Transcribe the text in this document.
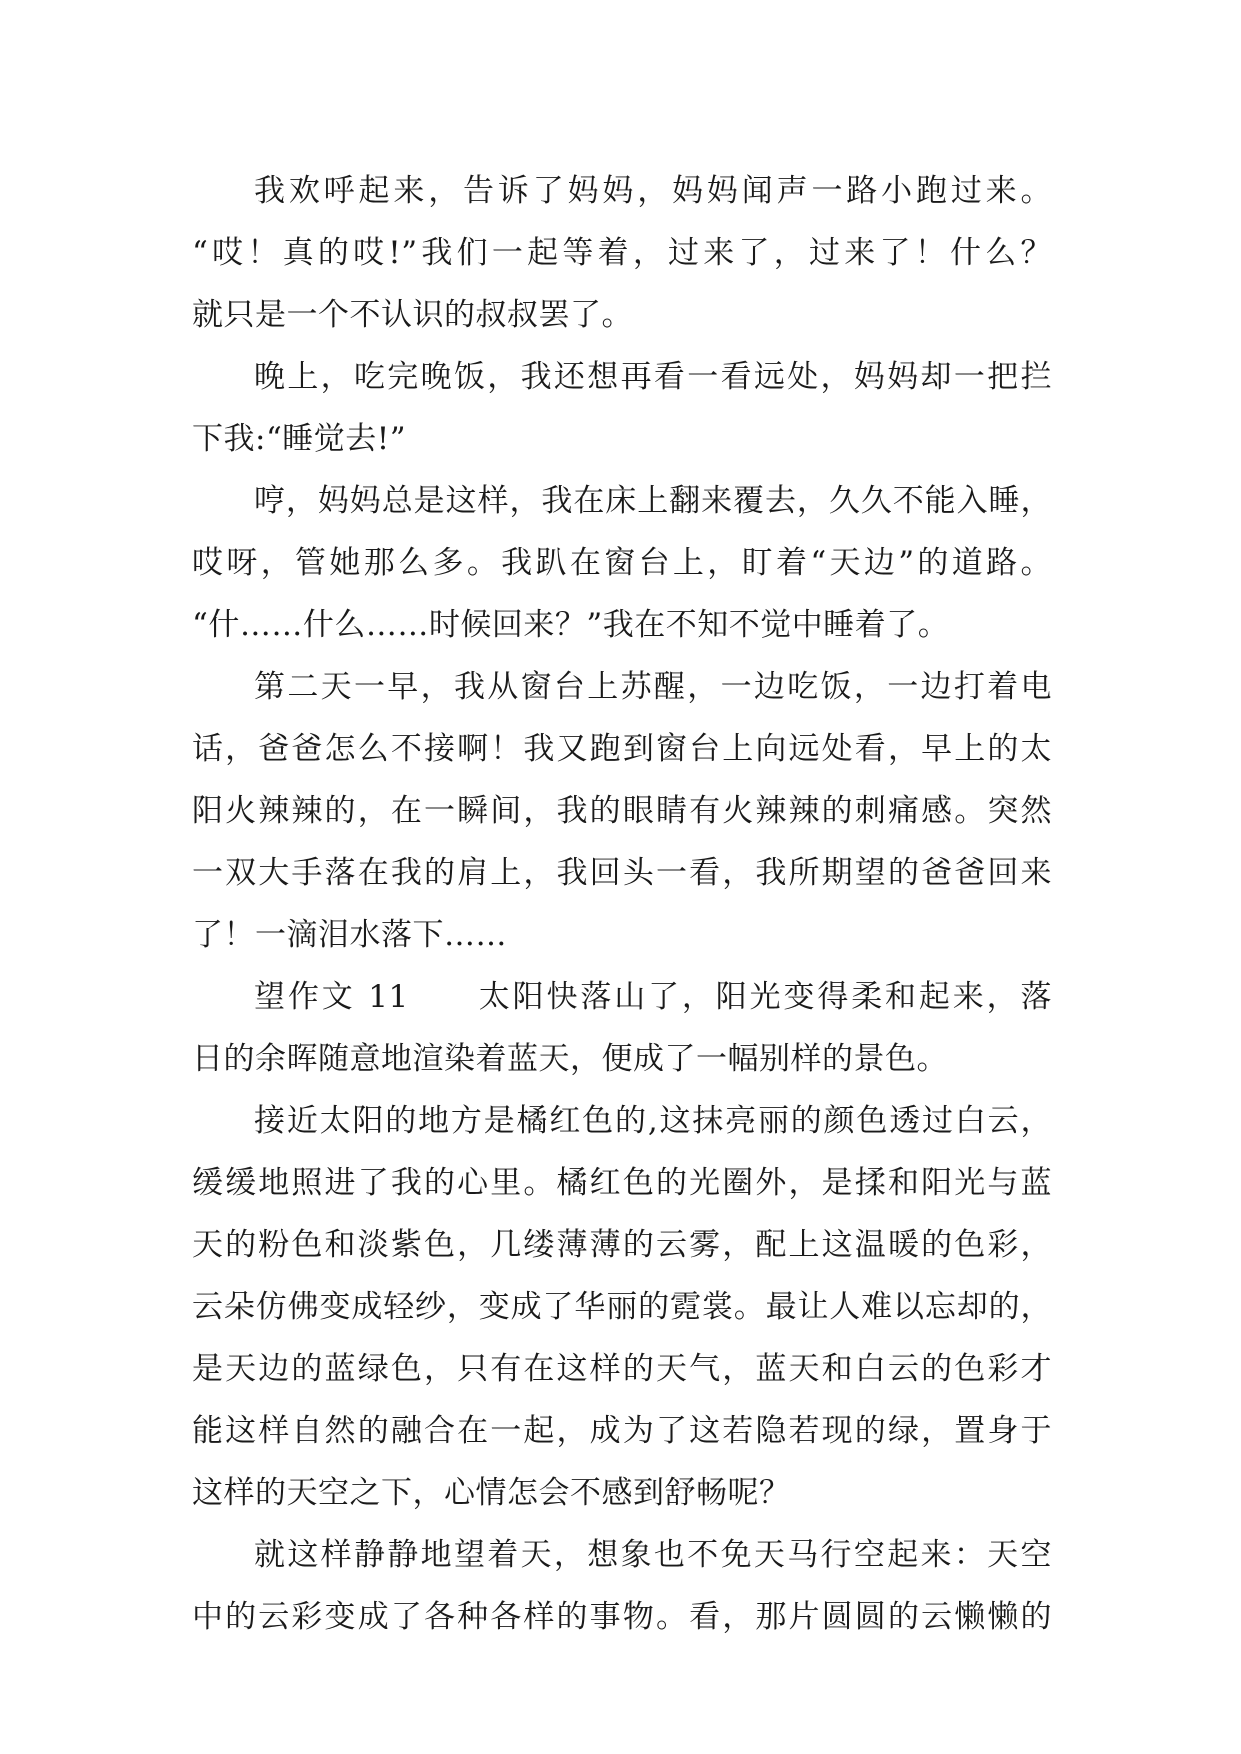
我欢呼起来，告诉了妈妈，妈妈闻声一路小跑过来。
“哎！真的哎!”我们一起等着，过来了，过来了！什么？
就只是一个不认识的叔叔罢了。
晚上，吃完晚饭，我还想再看一看远处，妈妈却一把拦
下我:“睡觉去!”
哼，妈妈总是这样，我在床上翻来覆去，久久不能入睡，
哎呀，管她那么多。我趴在窗台上，盯着“天边”的道路。
“什……什么……时候回来？”我在不知不觉中睡着了。
第二天一早，我从窗台上苏醒，一边吃饭，一边打着电
话，爸爸怎么不接啊！我又跑到窗台上向远处看，早上的太
阳火辣辣的，在一瞬间，我的眼睛有火辣辣的刺痛感。突然
一双大手落在我的肩上，我回头一看，我所期望的爸爸回来
了！一滴泪水落下……
望作文 11　　太阳快落山了，阳光变得柔和起来，落
日的余晖随意地渲染着蓝天，便成了一幅别样的景色。
接近太阳的地方是橘红色的,这抹亮丽的颜色透过白云，
缓缓地照进了我的心里。橘红色的光圈外，是揉和阳光与蓝
天的粉色和淡紫色，几缕薄薄的云雾，配上这温暖的色彩，
云朵仿佛变成轻纱，变成了华丽的霓裳。最让人难以忘却的，
是天边的蓝绿色，只有在这样的天气，蓝天和白云的色彩才
能这样自然的融合在一起，成为了这若隐若现的绿，置身于
这样的天空之下，心情怎会不感到舒畅呢？
就这样静静地望着天，想象也不免天马行空起来：天空
中的云彩变成了各种各样的事物。看，那片圆圆的云懒懒的
